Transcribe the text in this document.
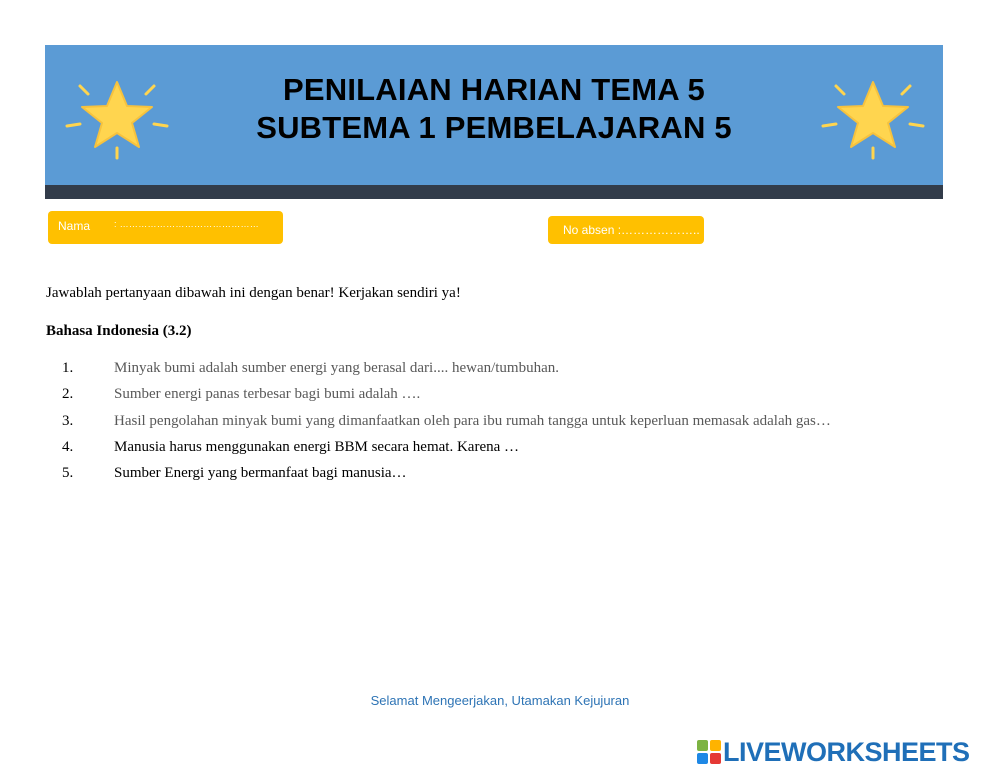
PENILAIAN HARIAN TEMA 5
SUBTEMA 1 PEMBELAJARAN 5
Nama	: ………………………………………	No absen :………………..
Jawablah pertanyaan dibawah ini dengan benar! Kerjakan sendiri ya!
Bahasa Indonesia (3.2)
1.	Minyak bumi adalah sumber energi yang berasal dari.... hewan/tumbuhan.
2.	Sumber energi panas terbesar bagi bumi adalah ….
3.	Hasil pengolahan minyak bumi yang dimanfaatkan oleh para ibu rumah tangga untuk keperluan memasak adalah gas…
4.	Manusia harus menggunakan energi BBM secara hemat. Karena …
5.	Sumber Energi yang bermanfaat bagi manusia…
Selamat Mengeerjakan, Utamakan Kejujuran
LIVEWORKSHEETS
